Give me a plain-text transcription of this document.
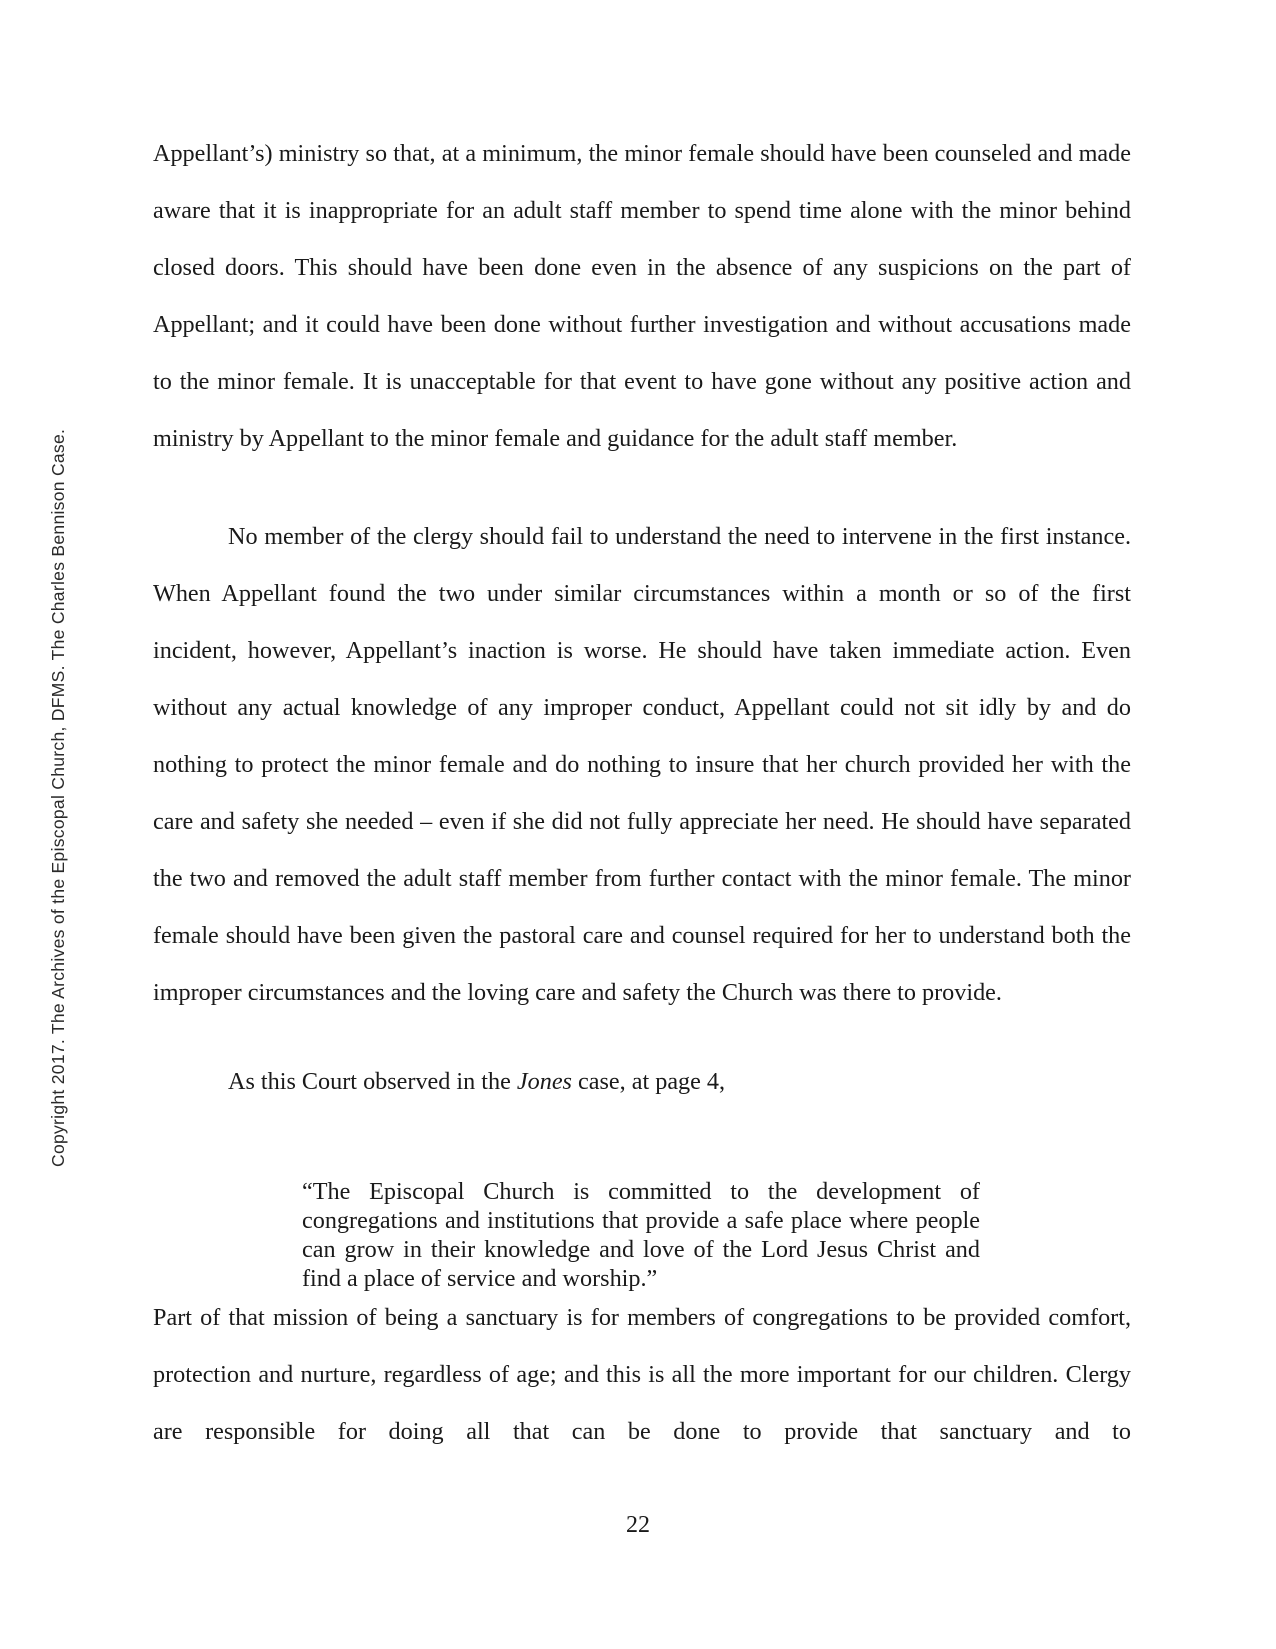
Copyright 2017. The Archives of the Episcopal Church, DFMS. The Charles Bennison Case.

Appellant’s) ministry so that, at a minimum, the minor female should have been counseled and made aware that it is inappropriate for an adult staff member to spend time alone with the minor behind closed doors. This should have been done even in the absence of any suspicions on the part of Appellant; and it could have been done without further investigation and without accusations made to the minor female. It is unacceptable for that event to have gone without any positive action and ministry by Appellant to the minor female and guidance for the adult staff member.

No member of the clergy should fail to understand the need to intervene in the first instance. When Appellant found the two under similar circumstances within a month or so of the first incident, however, Appellant’s inaction is worse. He should have taken immediate action. Even without any actual knowledge of any improper conduct, Appellant could not sit idly by and do nothing to protect the minor female and do nothing to insure that her church provided her with the care and safety she needed – even if she did not fully appreciate her need. He should have separated the two and removed the adult staff member from further contact with the minor female. The minor female should have been given the pastoral care and counsel required for her to understand both the improper circumstances and the loving care and safety the Church was there to provide.

As this Court observed in the Jones case, at page 4,

“The Episcopal Church is committed to the development of congregations and institutions that provide a safe place where people can grow in their knowledge and love of the Lord Jesus Christ and find a place of service and worship.”

Part of that mission of being a sanctuary is for members of congregations to be provided comfort, protection and nurture, regardless of age; and this is all the more important for our children. Clergy are responsible for doing all that can be done to provide that sanctuary and to

22
